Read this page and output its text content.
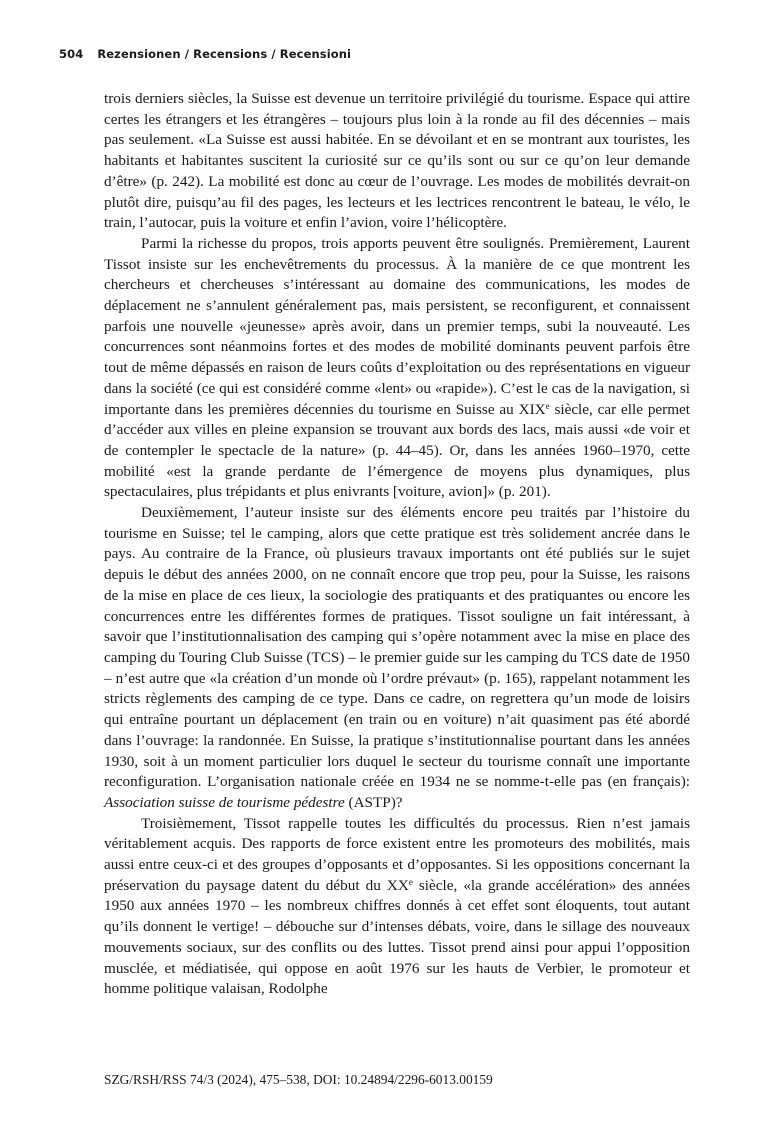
504 Rezensionen / Recensions / Recensioni

trois derniers siècles, la Suisse est devenue un territoire privilégié du tourisme. Espace qui attire certes les étrangers et les étrangères – toujours plus loin à la ronde au fil des décennies – mais pas seulement. «La Suisse est aussi habitée. En se dévoilant et en se montrant aux touristes, les habitants et habitantes suscitent la curiosité sur ce qu’ils sont ou sur ce qu’on leur demande d’être» (p. 242). La mobilité est donc au cœur de l’ouvrage. Les modes de mobilités devrait-on plutôt dire, puisqu’au fil des pages, les lecteurs et les lectrices rencontrent le bateau, le vélo, le train, l’autocar, puis la voiture et enfin l’avion, voire l’hélicoptère.

Parmi la richesse du propos, trois apports peuvent être soulignés. Premièrement, Laurent Tissot insiste sur les enchevêtrements du processus. À la manière de ce que montrent les chercheurs et chercheuses s’intéressant au domaine des communications, les modes de déplacement ne s’annulent généralement pas, mais persistent, se reconfigurent, et connaissent parfois une nouvelle «jeunesse» après avoir, dans un premier temps, subi la nouveauté. Les concurrences sont néanmoins fortes et des modes de mobilité dominants peuvent parfois être tout de même dépassés en raison de leurs coûts d’exploitation ou des représentations en vigueur dans la société (ce qui est considéré comme «lent» ou «rapide»). C’est le cas de la navigation, si importante dans les premières décennies du tourisme en Suisse au XIXe siècle, car elle permet d’accéder aux villes en pleine expansion se trouvant aux bords des lacs, mais aussi «de voir et de contempler le spectacle de la nature» (p. 44–45). Or, dans les années 1960–1970, cette mobilité «est la grande perdante de l’émergence de moyens plus dynamiques, plus spectaculaires, plus trépidants et plus enivrants [voiture, avion]» (p. 201).

Deuxièmement, l’auteur insiste sur des éléments encore peu traités par l’histoire du tourisme en Suisse; tel le camping, alors que cette pratique est très solidement ancrée dans le pays. Au contraire de la France, où plusieurs travaux importants ont été publiés sur le sujet depuis le début des années 2000, on ne connaît encore que trop peu, pour la Suisse, les raisons de la mise en place de ces lieux, la sociologie des pratiquants et des pratiquantes ou encore les concurrences entre les différentes formes de pratiques. Tissot souligne un fait intéressant, à savoir que l’institutionnalisation des camping qui s’opère notamment avec la mise en place des camping du Touring Club Suisse (TCS) – le premier guide sur les camping du TCS date de 1950 – n’est autre que «la création d’un monde où l’ordre prévaut» (p. 165), rappelant notamment les stricts règlements des camping de ce type. Dans ce cadre, on regrettera qu’un mode de loisirs qui entraîne pourtant un déplacement (en train ou en voiture) n’ait quasiment pas été abordé dans l’ouvrage: la randonnée. En Suisse, la pratique s’institutionnalise pourtant dans les années 1930, soit à un moment particulier lors duquel le secteur du tourisme connaît une importante reconfiguration. L’organisation nationale créée en 1934 ne se nomme-t-elle pas (en français): Association suisse de tourisme pédestre (ASTP)?

Troisièmement, Tissot rappelle toutes les difficultés du processus. Rien n’est jamais véritablement acquis. Des rapports de force existent entre les promoteurs des mobilités, mais aussi entre ceux-ci et des groupes d’opposants et d’opposantes. Si les oppositions concernant la préservation du paysage datent du début du XXe siècle, «la grande accélération» des années 1950 aux années 1970 – les nombreux chiffres donnés à cet effet sont éloquents, tout autant qu’ils donnent le vertige! – débouche sur d’intenses débats, voire, dans le sillage des nouveaux mouvements sociaux, sur des conflits ou des luttes. Tissot prend ainsi pour appui l’opposition musclée, et médiatisée, qui oppose en août 1976 sur les hauts de Verbier, le promoteur et homme politique valaisan, Rodolphe

SZG/RSH/RSS 74/3 (2024), 475–538, DOI: 10.24894/2296-6013.00159
